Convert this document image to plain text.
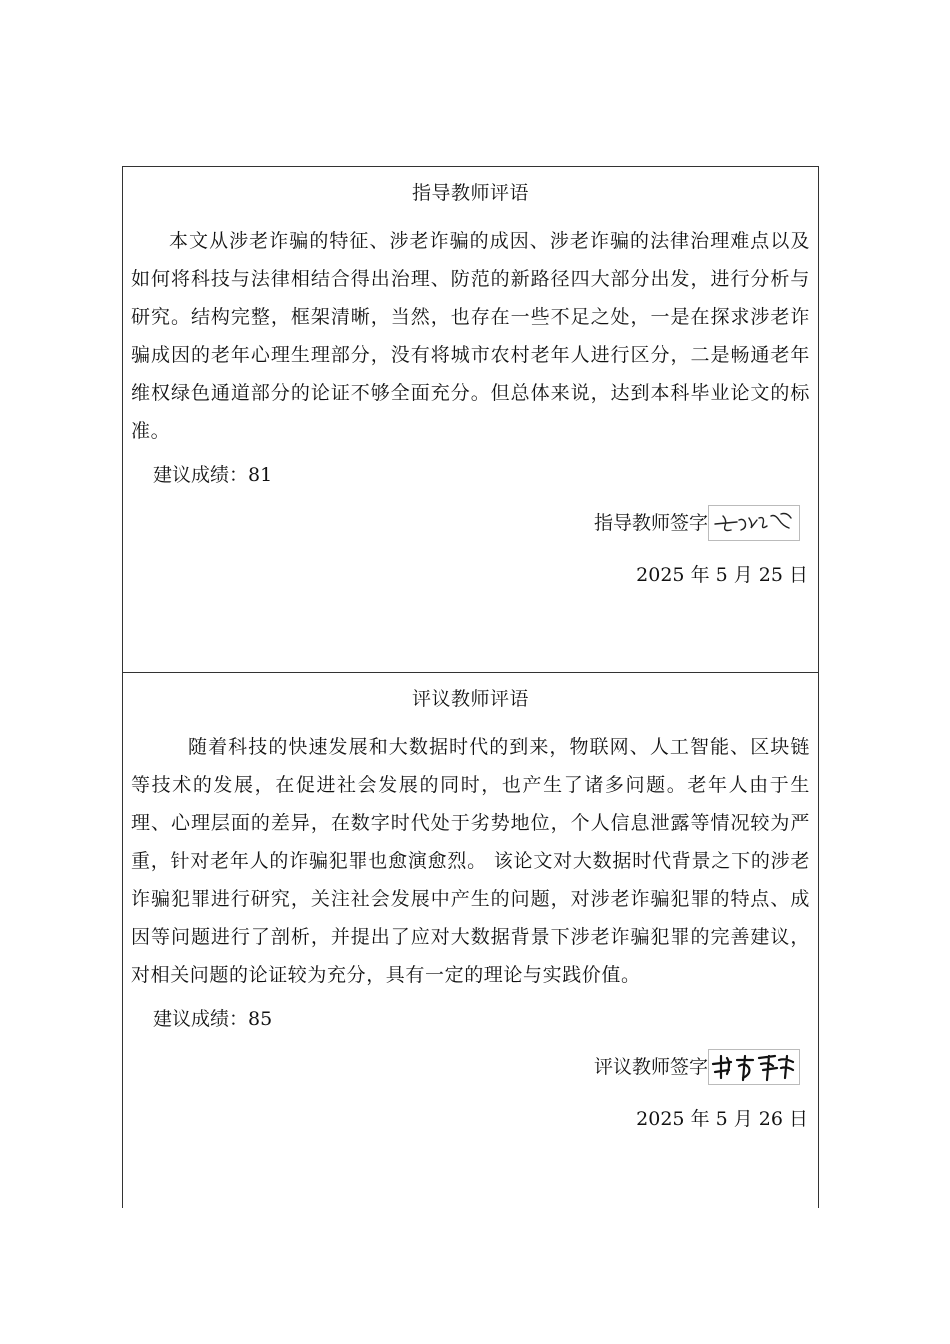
指导教师评语
本文从涉老诈骗的特征、涉老诈骗的成因、涉老诈骗的法律治理难点以及如何将科技与法律相结合得出治理、防范的新路径四大部分出发，进行分析与研究。结构完整，框架清晰，当然，也存在一些不足之处，一是在探求涉老诈骗成因的老年心理生理部分，没有将城市农村老年人进行区分，二是畅通老年维权绿色通道部分的论证不够全面充分。但总体来说，达到本科毕业论文的标准。
建议成绩：81
指导教师签字
2025 年 5 月 25 日
评议教师评语
随着科技的快速发展和大数据时代的到来，物联网、人工智能、区块链等技术的发展，在促进社会发展的同时，也产生了诸多问题。老年人由于生理、心理层面的差异，在数字时代处于劣势地位，个人信息泄露等情况较为严重，针对老年人的诈骗犯罪也愈演愈烈。 该论文对大数据时代背景之下的涉老诈骗犯罪进行研究，关注社会发展中产生的问题，对涉老诈骗犯罪的特点、成因等问题进行了剖析，并提出了应对大数据背景下涉老诈骗犯罪的完善建议，对相关问题的论证较为充分，具有一定的理论与实践价值。
建议成绩：85
评议教师签字
2025 年 5 月 26 日
